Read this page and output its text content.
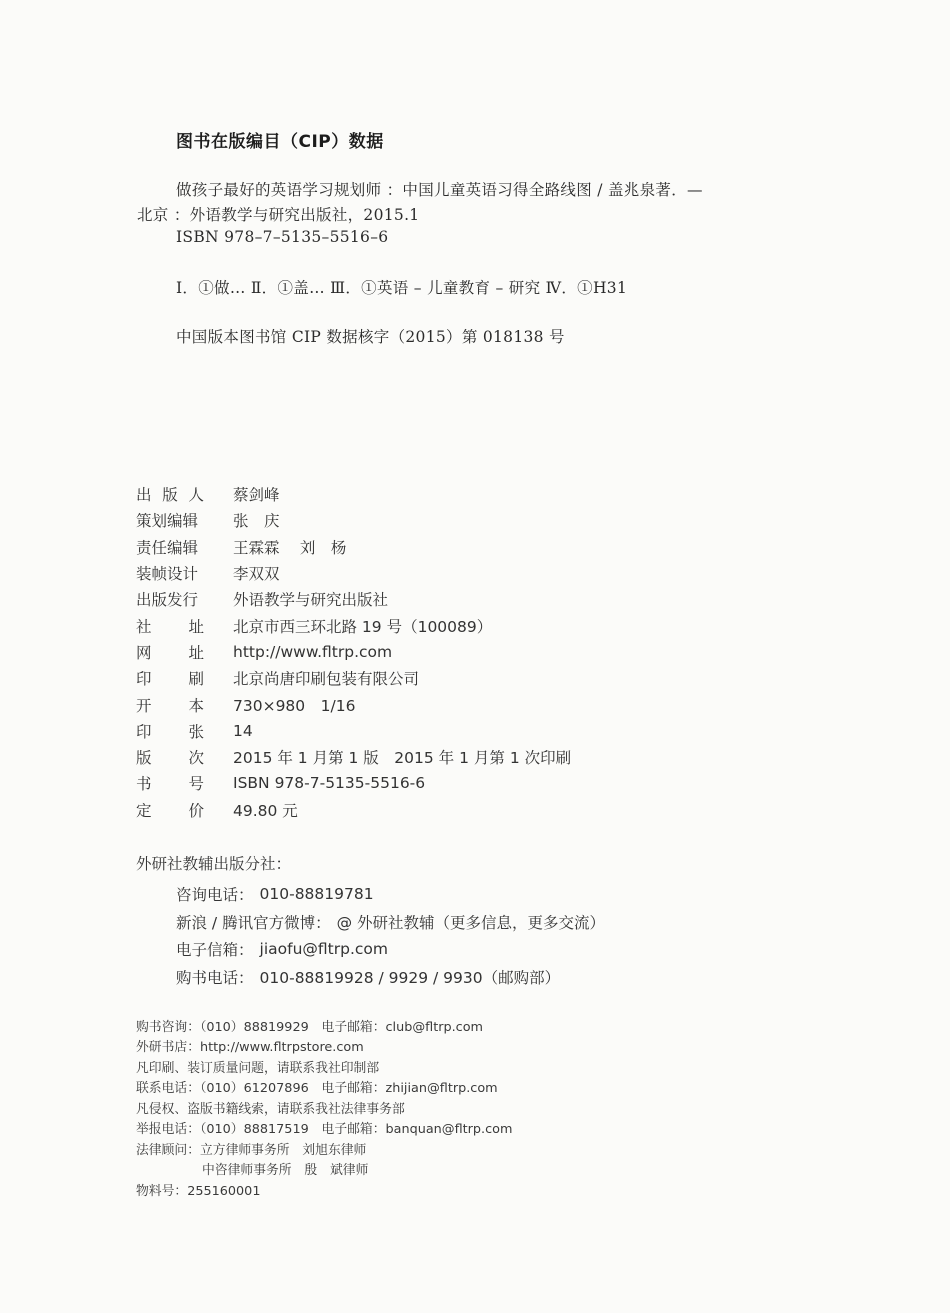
图书在版编目（CIP）数据
做孩子最好的英语学习规划师 ：中国儿童英语习得全路线图 / 盖兆泉著．—
北京 ：外语教学与研究出版社，2015.1
ISBN 978–7–5135–5516–6
Ⅰ．①做… Ⅱ．①盖… Ⅲ．①英语 – 儿童教育 – 研究 Ⅳ．①H31
中国版本图书馆 CIP 数据核字（2015）第 018138 号
出 版 人 蔡剑峰
策划编辑 张　庆
责任编辑 王霖霖　 刘　杨
装帧设计 李双双
出版发行 外语教学与研究出版社
社 址 北京市西三环北路 19 号（100089）
网 址 http://www.fltrp.com
印 刷 北京尚唐印刷包装有限公司
开 本 730×980　1/16
印 张 14
版 次 2015 年 1 月第 1 版　2015 年 1 月第 1 次印刷
书 号 ISBN 978-7-5135-5516-6
定 价 49.80 元
外研社教辅出版分社：
咨询电话： 010-88819781
新浪 / 腾讯官方微博： @ 外研社教辅（更多信息，更多交流）
电子信箱： jiaofu@fltrp.com
购书电话： 010-88819928 / 9929 / 9930（邮购部）
购书咨询：（010）88819929　电子邮箱：club@fltrp.com
外研书店：http://www.fltrpstore.com
凡印刷、装订质量问题，请联系我社印制部
联系电话：（010）61207896　电子邮箱：zhijian@fltrp.com
凡侵权、盗版书籍线索，请联系我社法律事务部
举报电话：（010）88817519　电子邮箱：banquan@fltrp.com
法律顾问：立方律师事务所　刘旭东律师
中咨律师事务所　殷　斌律师
物料号：255160001
